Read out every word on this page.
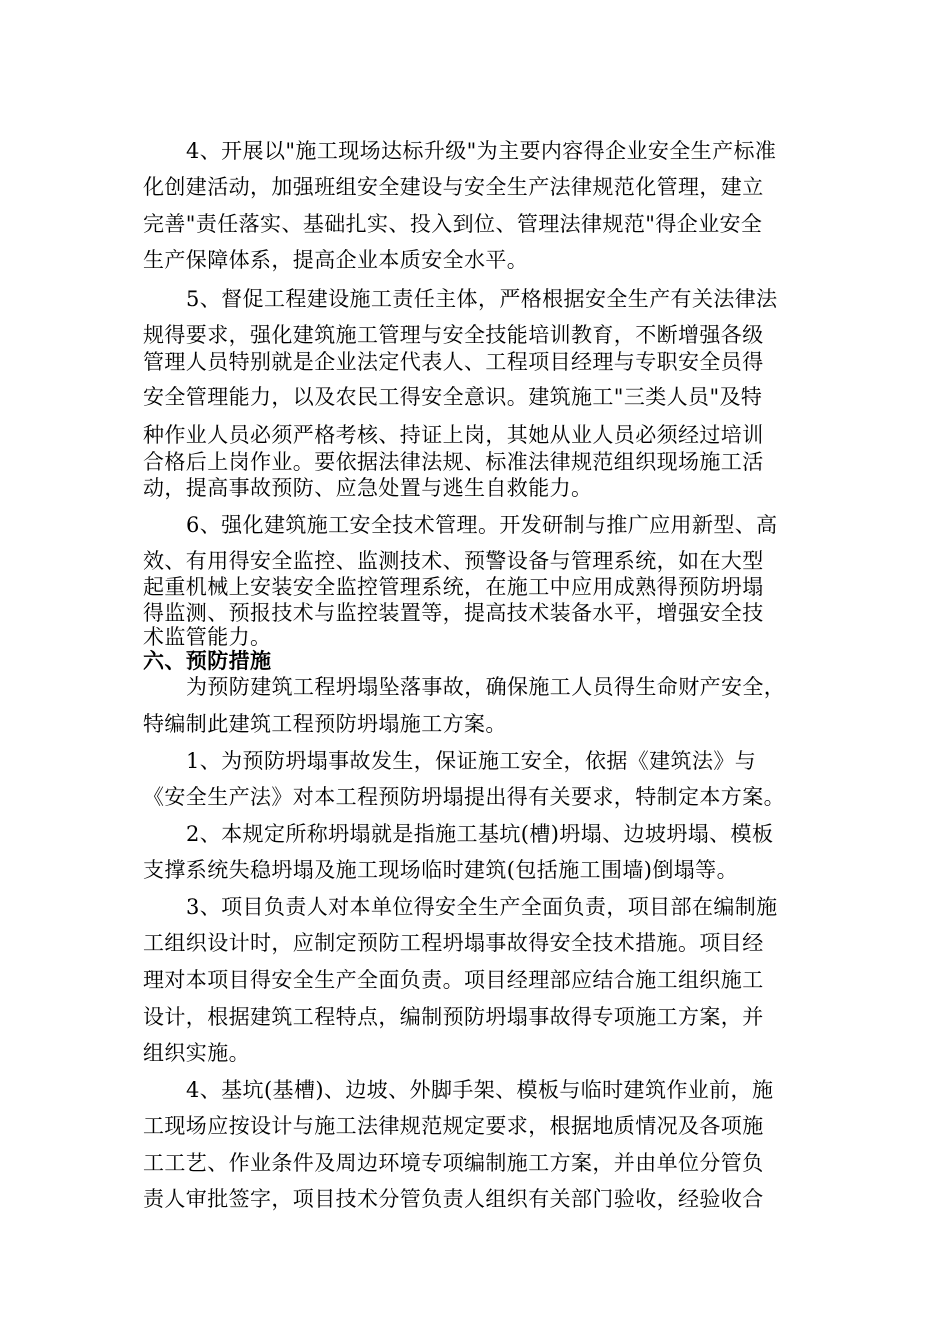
4、开展以"施工现场达标升级"为主要内容得企业安全生产标准
化创建活动，加强班组安全建设与安全生产法律规范化管理，建立
完善"责任落实、基础扎实、投入到位、管理法律规范"得企业安全
生产保障体系，提高企业本质安全水平。
5、督促工程建设施工责任主体，严格根据安全生产有关法律法
规得要求，强化建筑施工管理与安全技能培训教育，不断增强各级
管理人员特别就是企业法定代表人、工程项目经理与专职安全员得
安全管理能力，以及农民工得安全意识。建筑施工"三类人员"及特
种作业人员必须严格考核、持证上岗，其她从业人员必须经过培训
合格后上岗作业。要依据法律法规、标准法律规范组织现场施工活
动，提高事故预防、应急处置与逃生自救能力。
6、强化建筑施工安全技术管理。开发研制与推广应用新型、高
效、有用得安全监控、监测技术、预警设备与管理系统，如在大型
起重机械上安装安全监控管理系统，在施工中应用成熟得预防坍塌
得监测、预报技术与监控装置等，提高技术装备水平，增强安全技
术监管能力。
六、预防措施
为预防建筑工程坍塌坠落事故，确保施工人员得生命财产安全，
特编制此建筑工程预防坍塌施工方案。
1、为预防坍塌事故发生，保证施工安全，依据《建筑法》与
《安全生产法》对本工程预防坍塌提出得有关要求，特制定本方案。
2、本规定所称坍塌就是指施工基坑(槽)坍塌、边坡坍塌、模板
支撑系统失稳坍塌及施工现场临时建筑(包括施工围墙)倒塌等。
3、项目负责人对本单位得安全生产全面负责，项目部在编制施
工组织设计时，应制定预防工程坍塌事故得安全技术措施。项目经
理对本项目得安全生产全面负责。项目经理部应结合施工组织施工
设计，根据建筑工程特点，编制预防坍塌事故得专项施工方案，并
组织实施。
4、基坑(基槽)、边坡、外脚手架、模板与临时建筑作业前，施
工现场应按设计与施工法律规范规定要求，根据地质情况及各项施
工工艺、作业条件及周边环境专项编制施工方案，并由单位分管负
责人审批签字，项目技术分管负责人组织有关部门验收，经验收合
